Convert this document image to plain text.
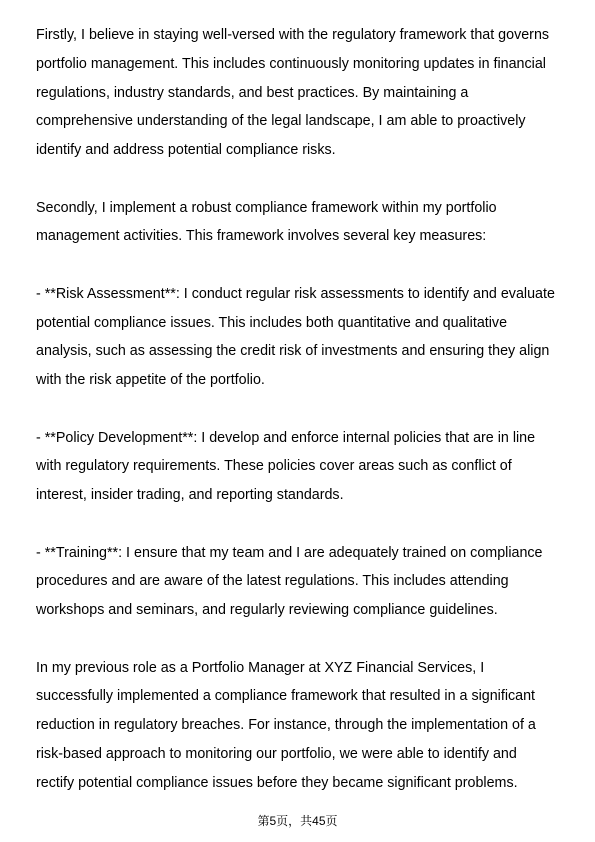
Firstly, I believe in staying well-versed with the regulatory framework that governs
portfolio management. This includes continuously monitoring updates in financial
regulations, industry standards, and best practices. By maintaining a
comprehensive understanding of the legal landscape, I am able to proactively
identify and address potential compliance risks.

Secondly, I implement a robust compliance framework within my portfolio
management activities. This framework involves several key measures:

- **Risk Assessment**: I conduct regular risk assessments to identify and evaluate
potential compliance issues. This includes both quantitative and qualitative
analysis, such as assessing the credit risk of investments and ensuring they align
with the risk appetite of the portfolio.

- **Policy Development**: I develop and enforce internal policies that are in line
with regulatory requirements. These policies cover areas such as conflict of
interest, insider trading, and reporting standards.

- **Training**: I ensure that my team and I are adequately trained on compliance
procedures and are aware of the latest regulations. This includes attending
workshops and seminars, and regularly reviewing compliance guidelines.

In my previous role as a Portfolio Manager at XYZ Financial Services, I
successfully implemented a compliance framework that resulted in a significant
reduction in regulatory breaches. For instance, through the implementation of a
risk-based approach to monitoring our portfolio, we were able to identify and
rectify potential compliance issues before they became significant problems.

第5页，共45页
